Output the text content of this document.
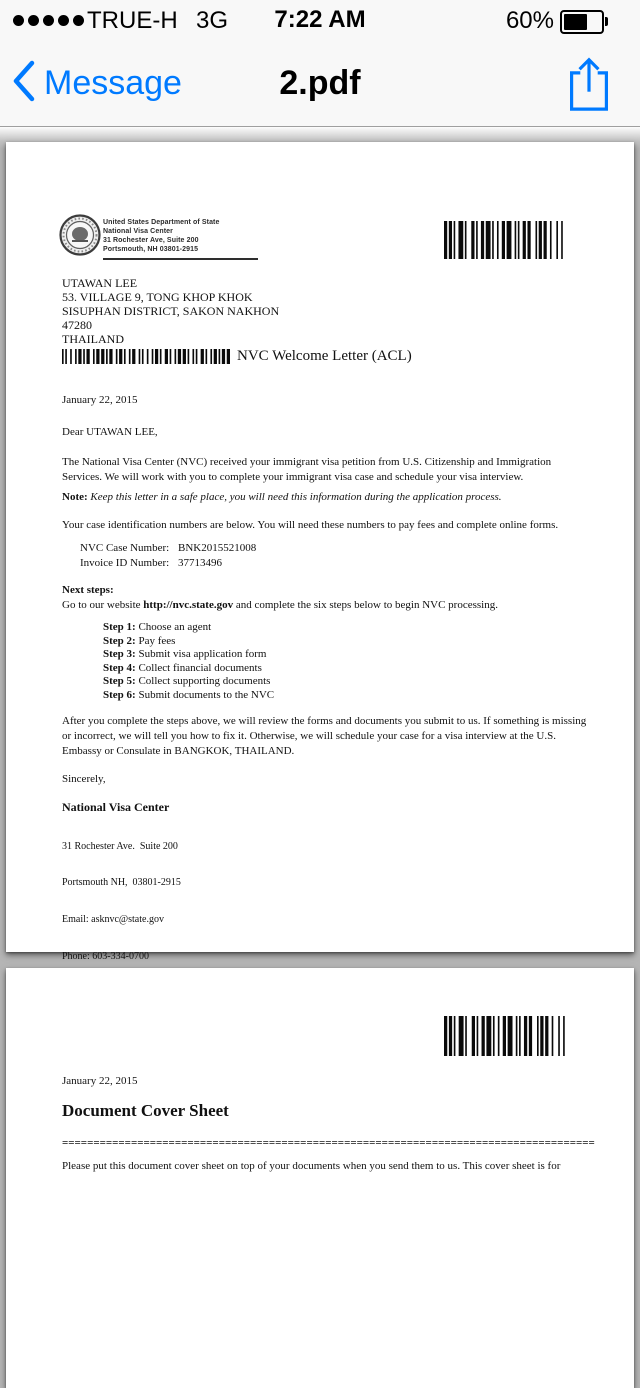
TRUE-H 3G	7:22 AM	60%
Message	2.pdf
United States Department of State
National Visa Center
31 Rochester Ave, Suite 200
Portsmouth, NH 03801-2915
UTAWAN LEE
53. VILLAGE 9, TONG KHOP KHOK
SISUPHAN DISTRICT, SAKON NAKHON
47280
THAILAND
NVC Welcome Letter (ACL)

January 22, 2015

Dear UTAWAN LEE,

The National Visa Center (NVC) received your immigrant visa petition from U.S. Citizenship and Immigration Services. We will work with you to complete your immigrant visa case and schedule your visa interview.

Note: Keep this letter in a safe place, you will need this information during the application process.

Your case identification numbers are below. You will need these numbers to pay fees and complete online forms.

NVC Case Number: BNK2015521008
Invoice ID Number: 37713496

Next steps:

Go to our website http://nvc.state.gov and complete the six steps below to begin NVC processing.

Step 1: Choose an agent
Step 2: Pay fees
Step 3: Submit visa application form
Step 4: Collect financial documents
Step 5: Collect supporting documents
Step 6: Submit documents to the NVC

After you complete the steps above, we will review the forms and documents you submit to us. If something is missing or incorrect, we will tell you how to fix it. Otherwise, we will schedule your case for a visa interview at the U.S. Embassy or Consulate in BANGKOK, THAILAND.

Sincerely,

National Visa Center

31 Rochester Ave.  Suite 200

Portsmouth NH,  03801-2915

Email: asknvc@state.gov

Phone: 603-334-0700

January 22, 2015

Document Cover Sheet

=====================================================================================

Please put this document cover sheet on top of your documents when you send them to us. This cover sheet is for
